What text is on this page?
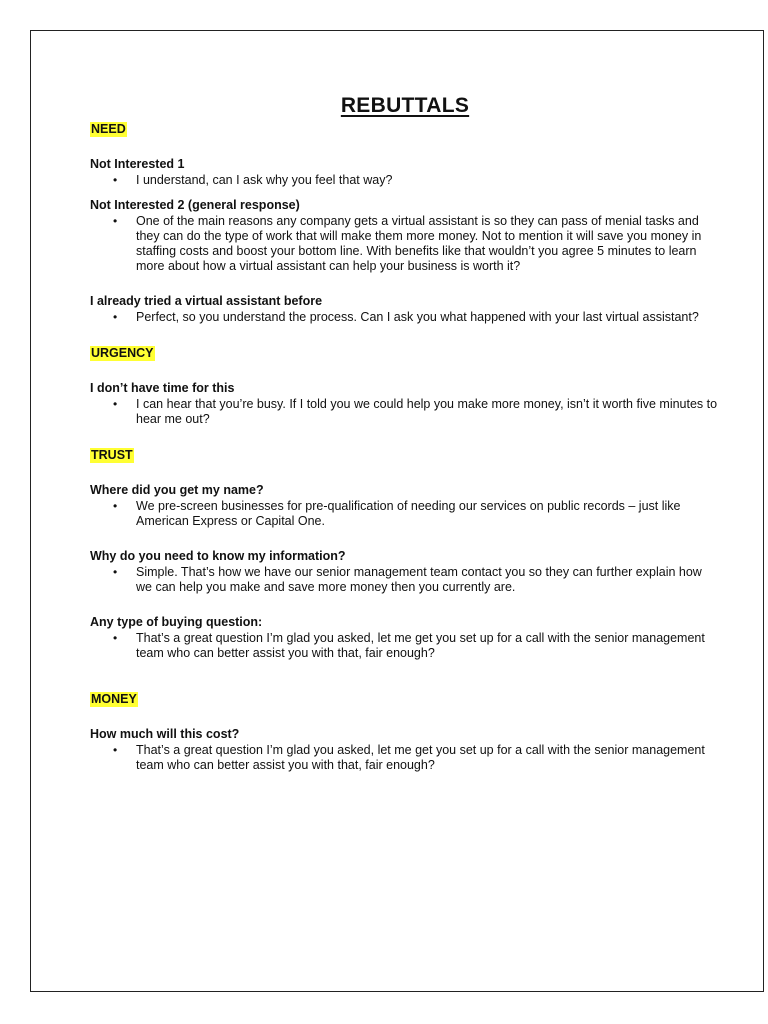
REBUTTALS
NEED

Not Interested 1

• I understand, can I ask why you feel that way?

Not Interested 2 (general response)

• One of the main reasons any company gets a virtual assistant is so they can pass of menial tasks and they can do the type of work that will make them more money. Not to mention it will save you money in staffing costs and boost your bottom line. With benefits like that wouldn’t you agree 5 minutes to learn more about how a virtual assistant can help your business is worth it?

I already tried a virtual assistant before

• Perfect, so you understand the process. Can I ask you what happened with your last virtual assistant?
URGENCY

I don’t have time for this

• I can hear that you’re busy. If I told you we could help you make more money, isn’t it worth five minutes to hear me out?
TRUST

Where did you get my name?

• We pre-screen businesses for pre-qualification of needing our services on public records – just like American Express or Capital One.

Why do you need to know my information?

• Simple. That’s how we have our senior management team contact you so they can further explain how we can help you make and save more money then you currently are.

Any type of buying question:

• That’s a great question I’m glad you asked, let me get you set up for a call with the senior management team who can better assist you with that, fair enough?
MONEY

How much will this cost?

• That’s a great question I’m glad you asked, let me get you set up for a call with the senior management team who can better assist you with that, fair enough?
